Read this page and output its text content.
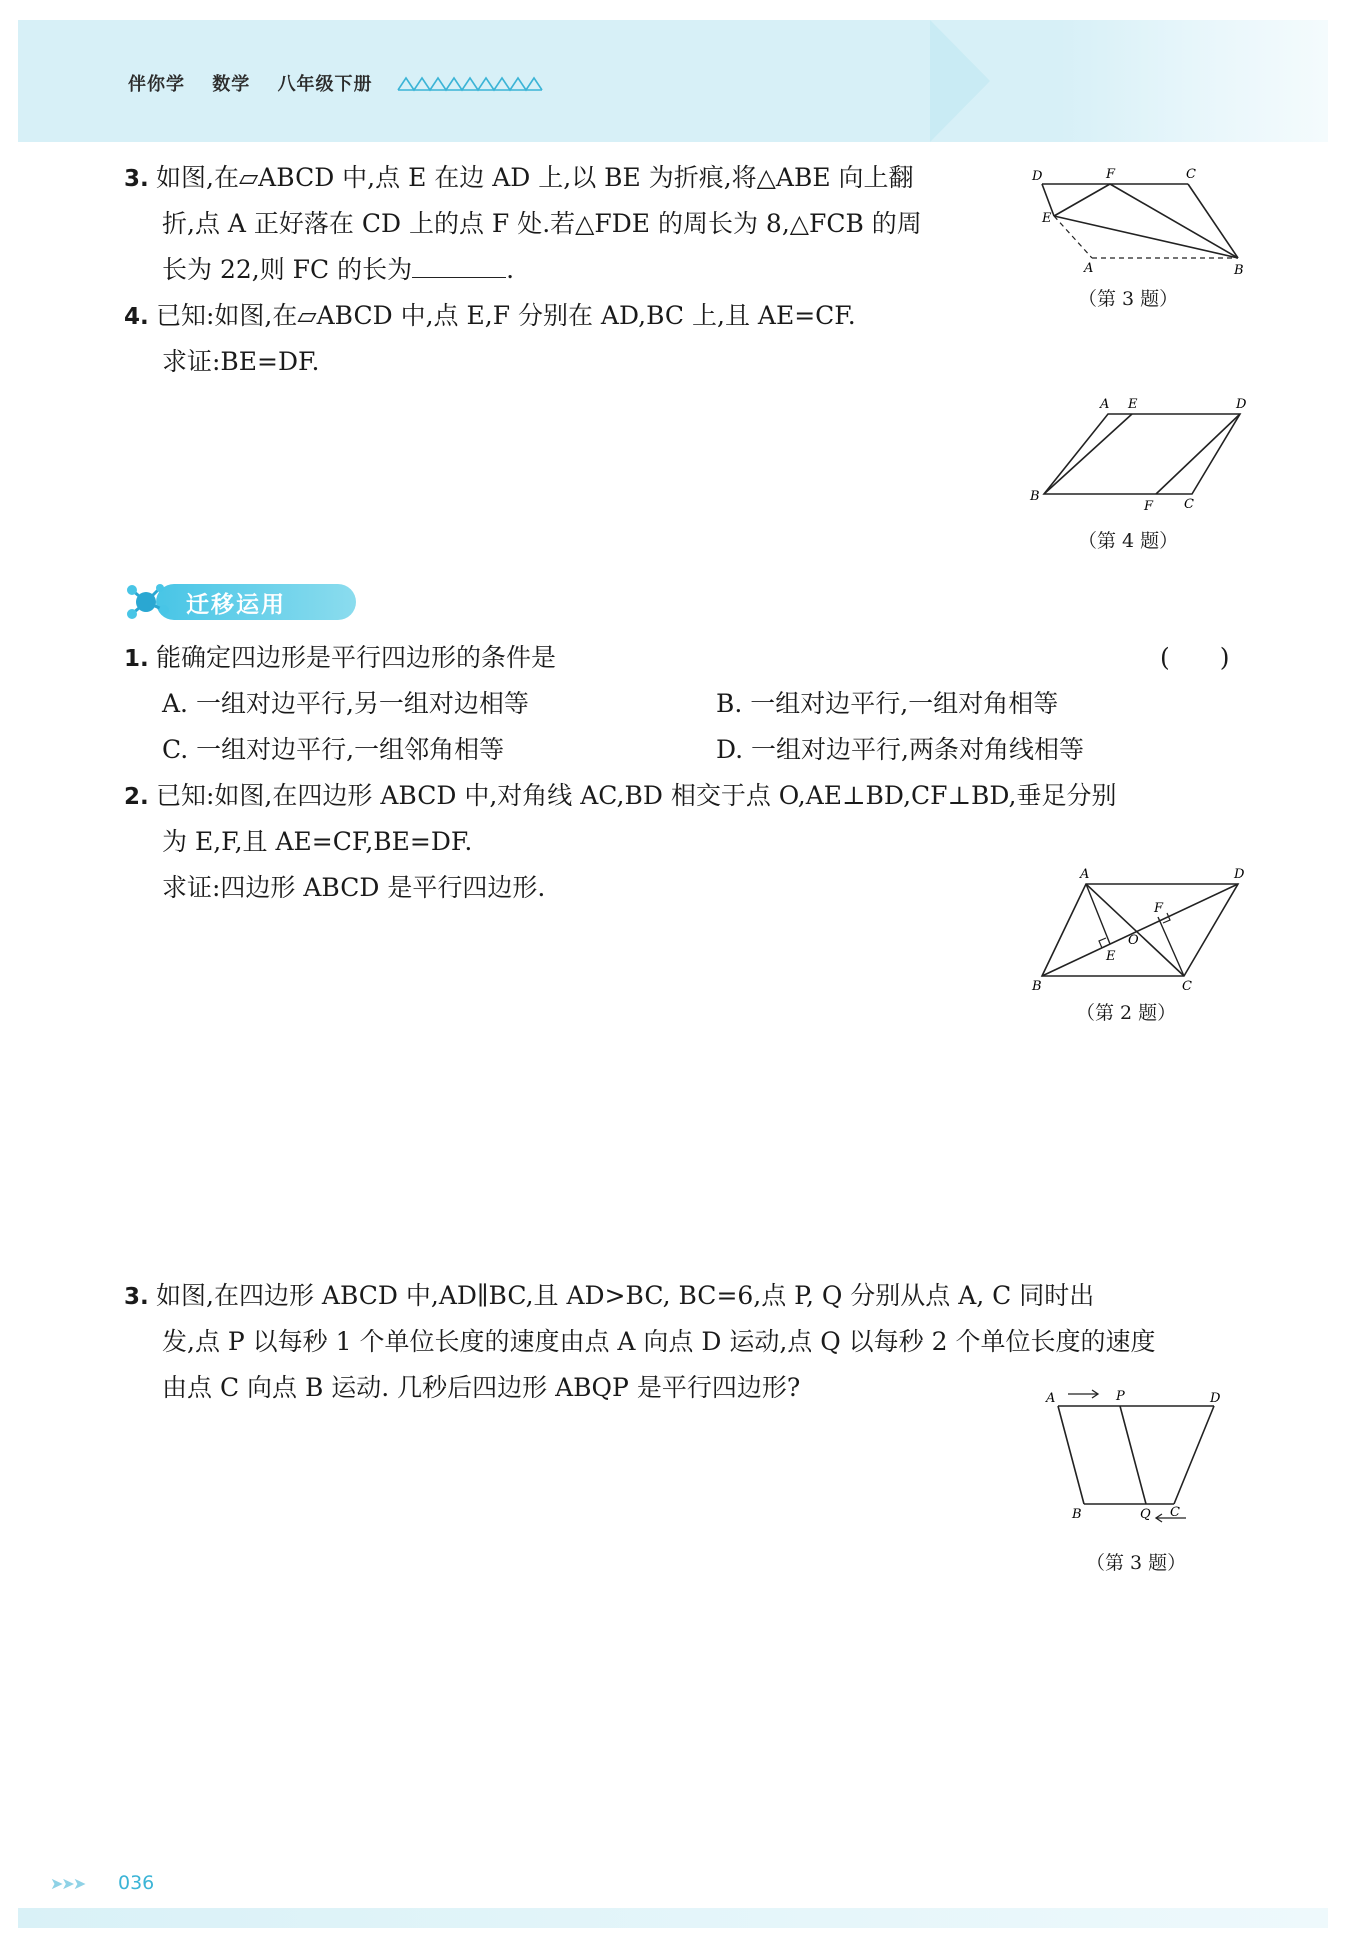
伴你学 数学 八年级下册
3. 如图,在▱ABCD 中,点 E 在边 AD 上,以 BE 为折痕,将△ABE 向上翻
折,点 A 正好落在 CD 上的点 F 处.若△FDE 的周长为 8,△FCB 的周
长为 22,则 FC 的长为	.
D	F	C
E
A	B
（第 3 题）
4. 已知:如图,在▱ABCD 中,点 E,F 分别在 AD,BC 上,且 AE=CF.
求证:BE=DF.
A E	D
B
F C
（第 4 题）
迁移运用
1. 能确定四边形是平行四边形的条件是	(　　)
A. 一组对边平行,另一组对边相等	B. 一组对边平行,一组对角相等
C. 一组对边平行,一组邻角相等	D. 一组对边平行,两条对角线相等
2. 已知:如图,在四边形 ABCD 中,对角线 AC,BD 相交于点 O,AE⊥BD,CF⊥BD,垂足分别
为 E,F,且 AE=CF,BE=DF.
求证:四边形 ABCD 是平行四边形.	A	D
F
O
E
B	C
（第 2 题）
3. 如图,在四边形 ABCD 中,AD∥BC,且 AD>BC, BC=6,点 P, Q 分别从点 A, C 同时出
发,点 P 以每秒 1 个单位长度的速度由点 A 向点 D 运动,点 Q 以每秒 2 个单位长度的速度
由点 C 向点 B 运动. 几秒后四边形 ABQP 是平行四边形?	A	P	D
B	Q C
（第 3 题）
➤➤➤ 036
